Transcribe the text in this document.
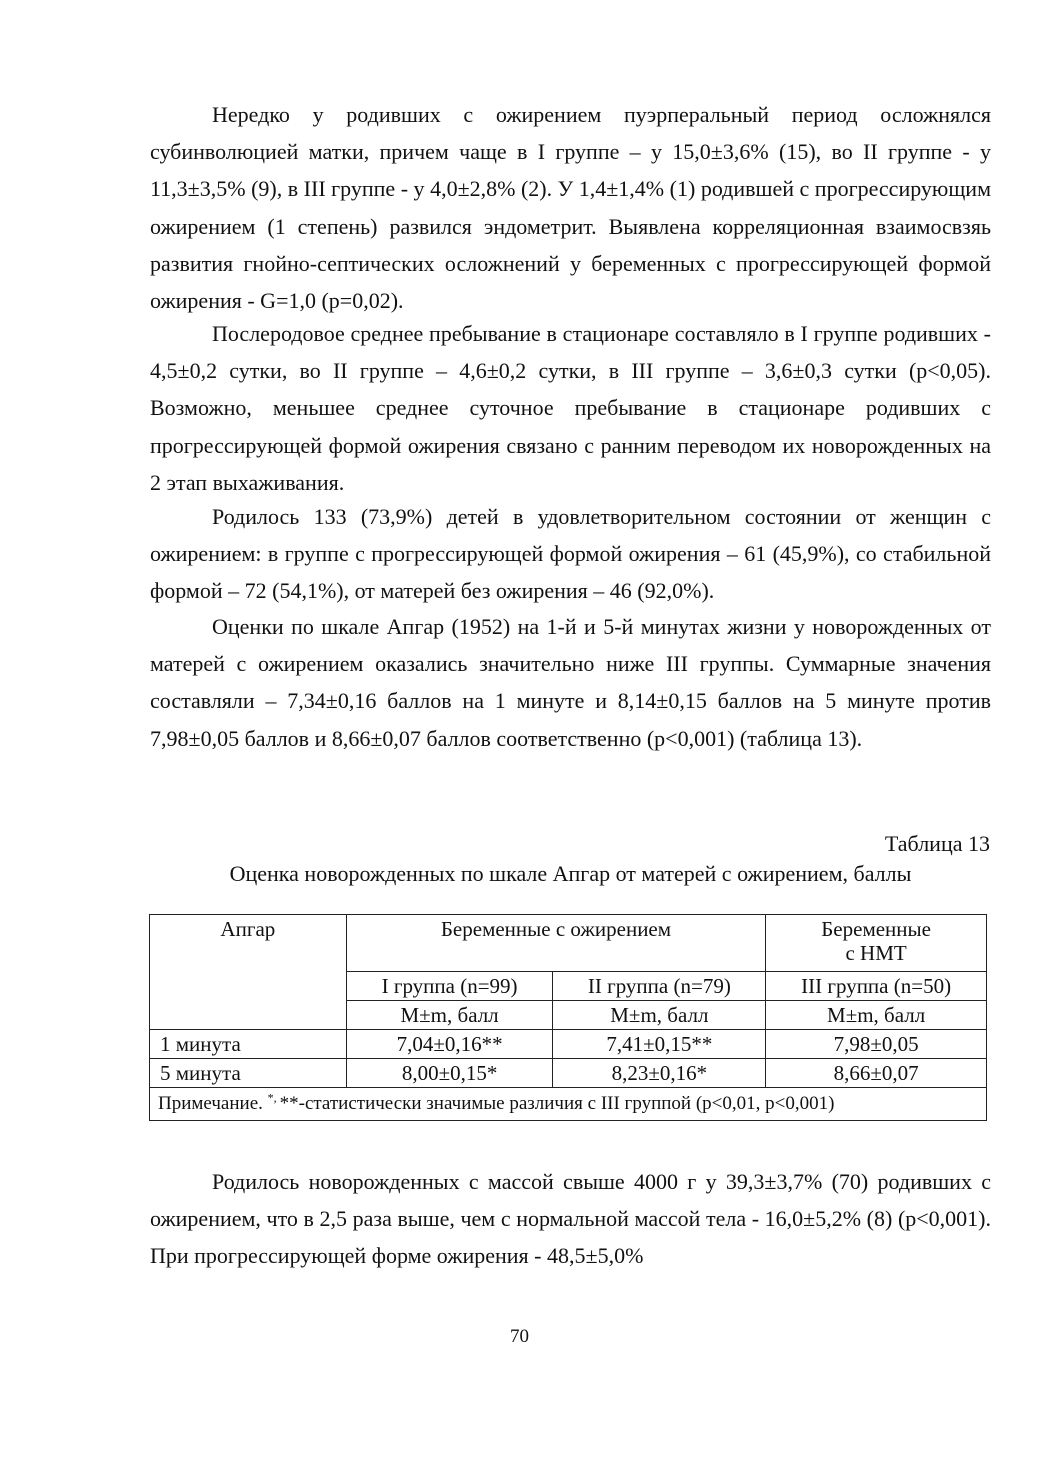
Нередко у родивших с ожирением пуэрперальный период осложнялся субинволюцией матки, причем чаще в I группе – у 15,0±3,6% (15), во II группе - у 11,3±3,5% (9), в III группе - у 4,0±2,8% (2). У 1,4±1,4% (1) родившей с прогрессирующим ожирением (1 степень) развился эндометрит. Выявлена корреляционная взаимосвзяь развития гнойно-септических осложнений у беременных с прогрессирующей формой ожирения - G=1,0 (p=0,02).

Послеродовое среднее пребывание в стационаре составляло в I группе родивших - 4,5±0,2 сутки, во II группе – 4,6±0,2 сутки, в III группе – 3,6±0,3 сутки (p<0,05). Возможно, меньшее среднее суточное пребывание в стационаре родивших с прогрессирующей формой ожирения связано с ранним переводом их новорожденных на 2 этап выхаживания.

Родилось 133 (73,9%) детей в удовлетворительном состоянии от женщин с ожирением: в группе с прогрессирующей формой ожирения – 61 (45,9%), со стабильной формой – 72 (54,1%), от матерей без ожирения – 46 (92,0%).

Оценки по шкале Апгар (1952) на 1-й и 5-й минутах жизни у новорожденных от матерей с ожирением оказались значительно ниже III группы. Суммарные значения составляли – 7,34±0,16 баллов на 1 минуте и 8,14±0,15 баллов на 5 минуте против 7,98±0,05 баллов и 8,66±0,07 баллов соответственно (p<0,001) (таблица 13).

Таблица 13
Оценка новорожденных по шкале Апгар от матерей с ожирением, баллы
Апгар	Беременные с ожирением		Беременные
с НМТ
	I группа (n=99)	II группа (n=79)	III группа (n=50)
	M±m, балл	M±m, балл	M±m, балл
1 минута	7,04±0,16**	7,41±0,15**	7,98±0,05
5 минута	8,00±0,15*	8,23±0,16*	8,66±0,07
Примечание. *, **-статистически значимые различия с III группой (p<0,01, p<0,001)			

Родилось новорожденных с массой свыше 4000 г у 39,3±3,7% (70) родивших с ожирением, что в 2,5 раза выше, чем с нормальной массой тела - 16,0±5,2% (8) (p<0,001). При прогрессирующей форме ожирения - 48,5±5,0%

70
